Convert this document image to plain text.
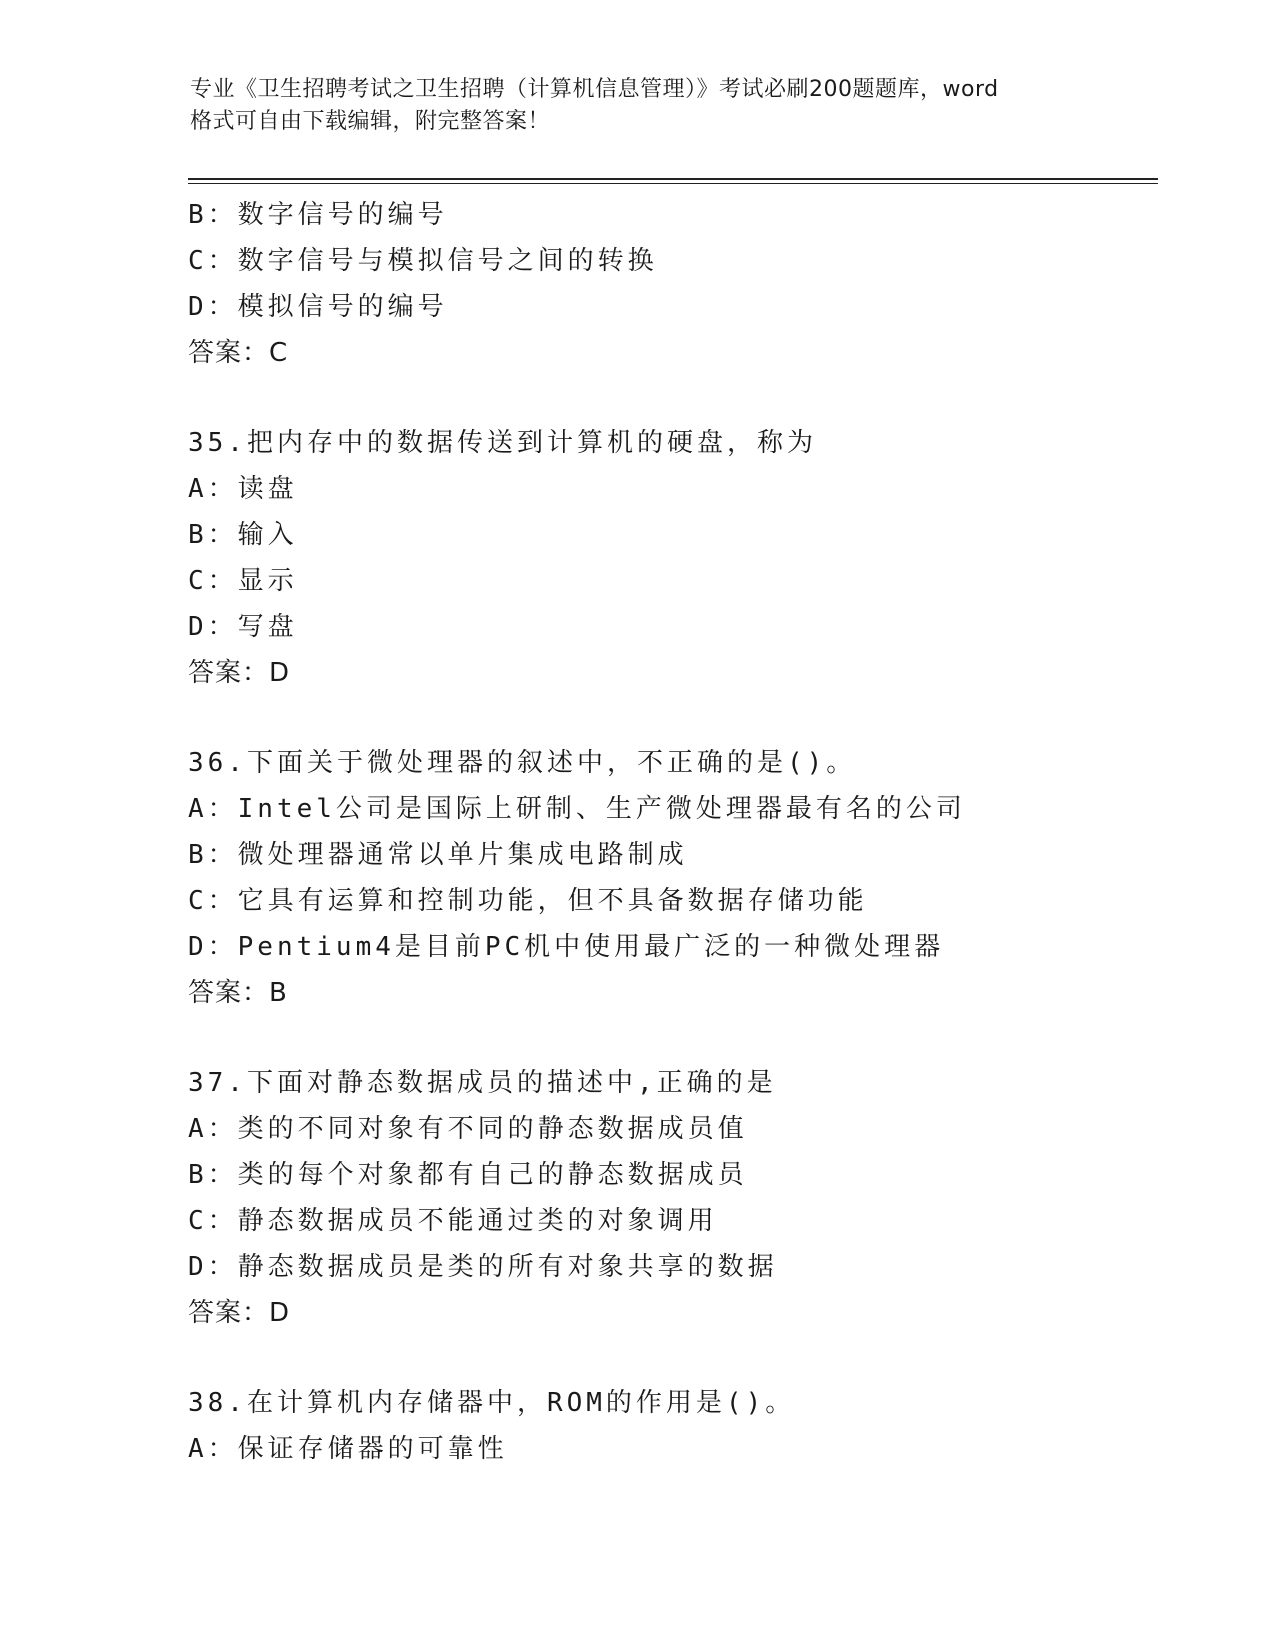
专业《卫生招聘考试之卫生招聘（计算机信息管理）》考试必刷200题题库，word
格式可自由下载编辑，附完整答案！
B：数字信号的编号
C：数字信号与模拟信号之间的转换
D：模拟信号的编号
答案：C
35.把内存中的数据传送到计算机的硬盘，称为
A：读盘
B：输入
C：显示
D：写盘
答案：D
36.下面关于微处理器的叙述中，不正确的是()。
A：Intel公司是国际上研制、生产微处理器最有名的公司
B：微处理器通常以单片集成电路制成
C：它具有运算和控制功能，但不具备数据存储功能
D：Pentium4是目前PC机中使用最广泛的一种微处理器
答案：B
37.下面对静态数据成员的描述中,正确的是
A：类的不同对象有不同的静态数据成员值
B：类的每个对象都有自己的静态数据成员
C：静态数据成员不能通过类的对象调用
D：静态数据成员是类的所有对象共享的数据
答案：D
38.在计算机内存储器中，ROM的作用是()。
A：保证存储器的可靠性
